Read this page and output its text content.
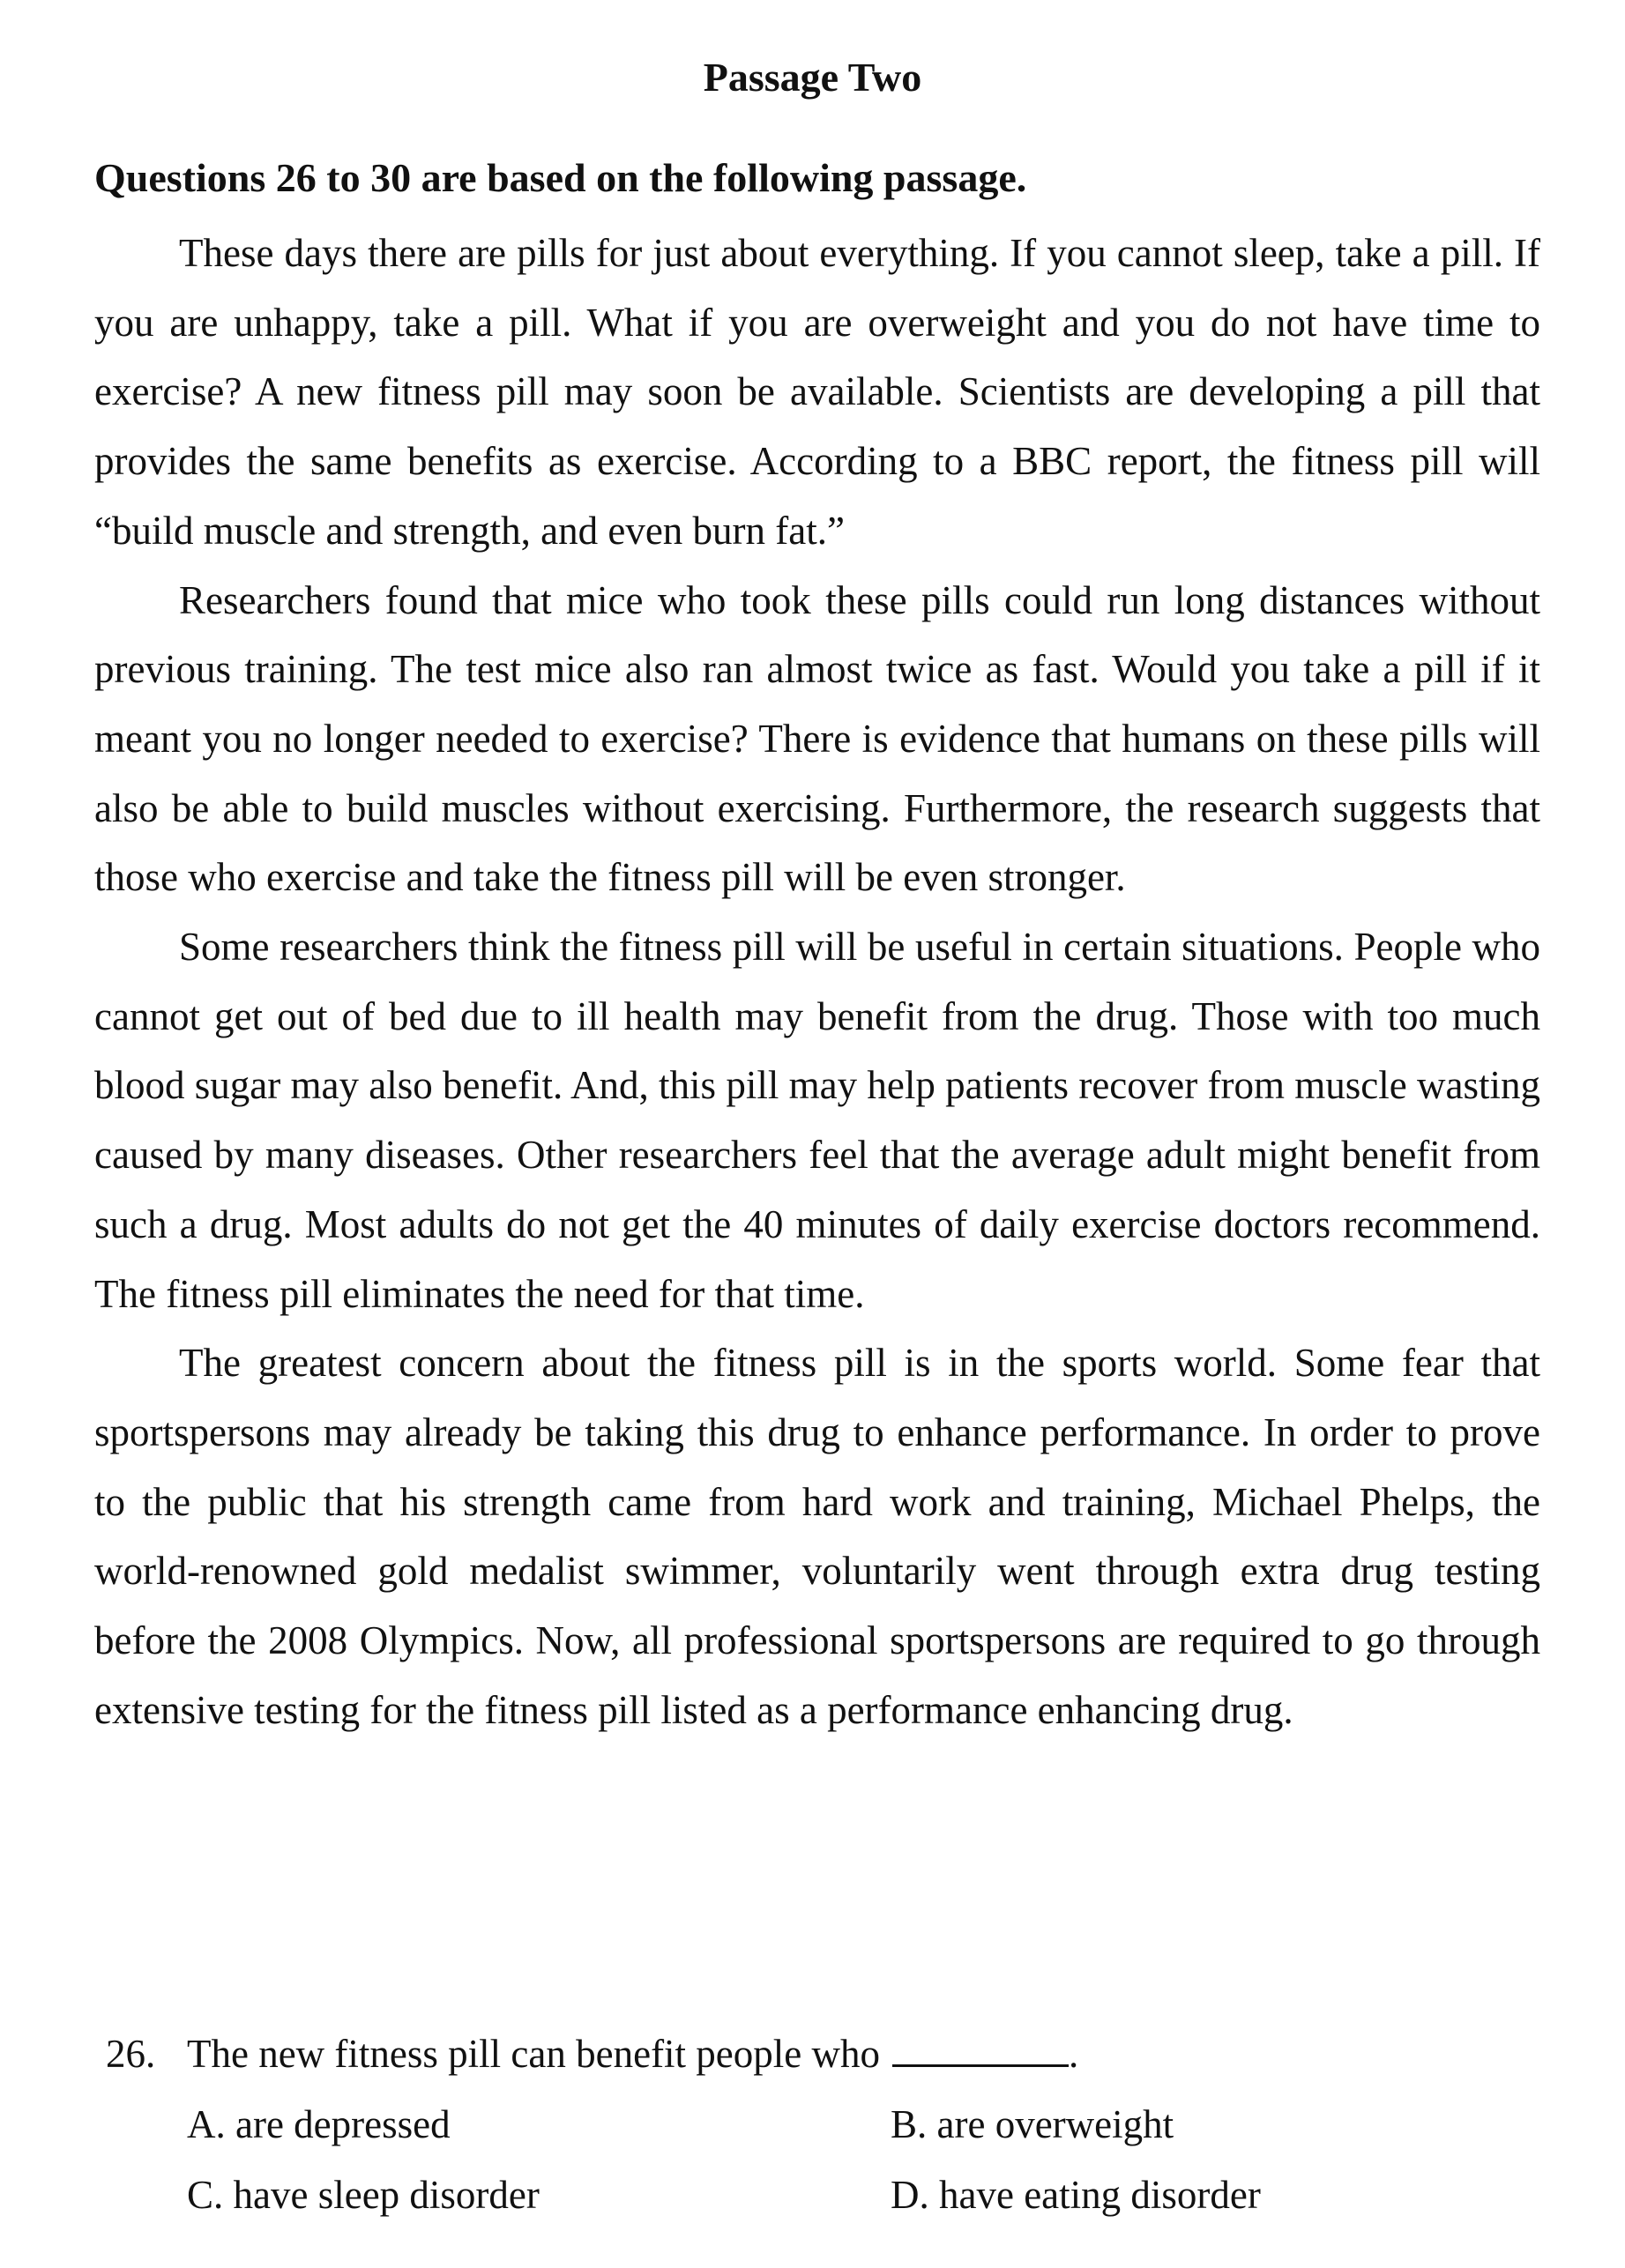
Passage Two

Questions 26 to 30 are based on the following passage.

These days there are pills for just about everything. If you cannot sleep, take a pill. If you are unhappy, take a pill. What if you are overweight and you do not have time to exercise? A new fitness pill may soon be available. Scientists are developing a pill that provides the same benefits as exercise. According to a BBC report, the fitness pill will “build muscle and strength, and even burn fat.”

Researchers found that mice who took these pills could run long distances without previous training. The test mice also ran almost twice as fast. Would you take a pill if it meant you no longer needed to exercise? There is evidence that humans on these pills will also be able to build muscles without exercising. Furthermore, the research suggests that those who exercise and take the fitness pill will be even stronger.

Some researchers think the fitness pill will be useful in certain situations. People who cannot get out of bed due to ill health may benefit from the drug. Those with too much blood sugar may also benefit. And, this pill may help patients recover from muscle wasting caused by many diseases. Other researchers feel that the average adult might benefit from such a drug. Most adults do not get the 40 minutes of daily exercise doctors recommend. The fitness pill eliminates the need for that time.

The greatest concern about the fitness pill is in the sports world. Some fear that sportspersons may already be taking this drug to enhance performance. In order to prove to the public that his strength came from hard work and training, Michael Phelps, the world-renowned gold medalist swimmer, voluntarily went through extra drug testing before the 2008 Olympics. Now, all professional sportspersons are required to go through extensive testing for the fitness pill listed as a performance enhancing drug.

26. The new fitness pill can benefit people who	.
A. are depressed	B. are overweight
C. have sleep disorder	D. have eating disorder
